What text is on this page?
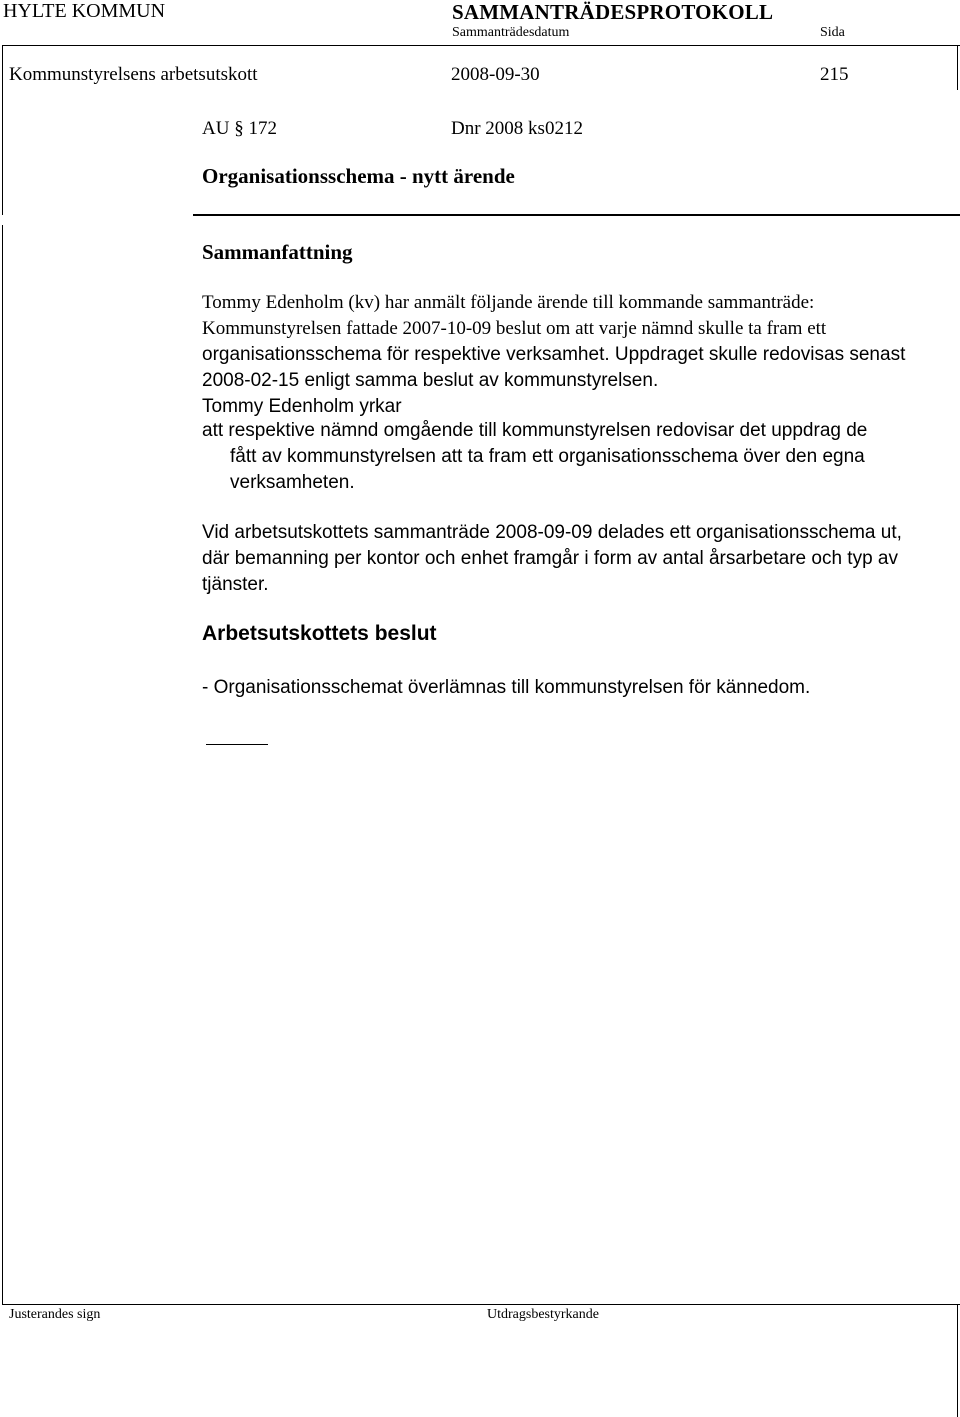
HYLTE KOMMUN	SAMMANTRÄDESPROTOKOLL
Sammanträdesdatum	Sida
Kommunstyrelsens arbetsutskott	2008-09-30	215
AU § 172	Dnr 2008 ks0212
Organisationsschema - nytt ärende
Sammanfattning
Tommy Edenholm (kv) har anmält följande ärende till kommande sammanträde:
Kommunstyrelsen fattade 2007-10-09 beslut om att varje nämnd skulle ta fram ett
organisationsschema för respektive verksamhet. Uppdraget skulle redovisas senast
2008-02-15 enligt samma beslut av kommunstyrelsen.
Tommy Edenholm yrkar
att respektive nämnd omgående till kommunstyrelsen redovisar det uppdrag de
fått av kommunstyrelsen att ta fram ett organisationsschema över den egna
verksamheten.
Vid arbetsutskottets sammanträde 2008-09-09 delades ett organisationsschema ut,
där bemanning per kontor och enhet framgår i form av antal årsarbetare och typ av
tjänster.
Arbetsutskottets beslut
- Organisationsschemat överlämnas till kommunstyrelsen för kännedom.
Justerandes sign	Utdragsbestyrkande
